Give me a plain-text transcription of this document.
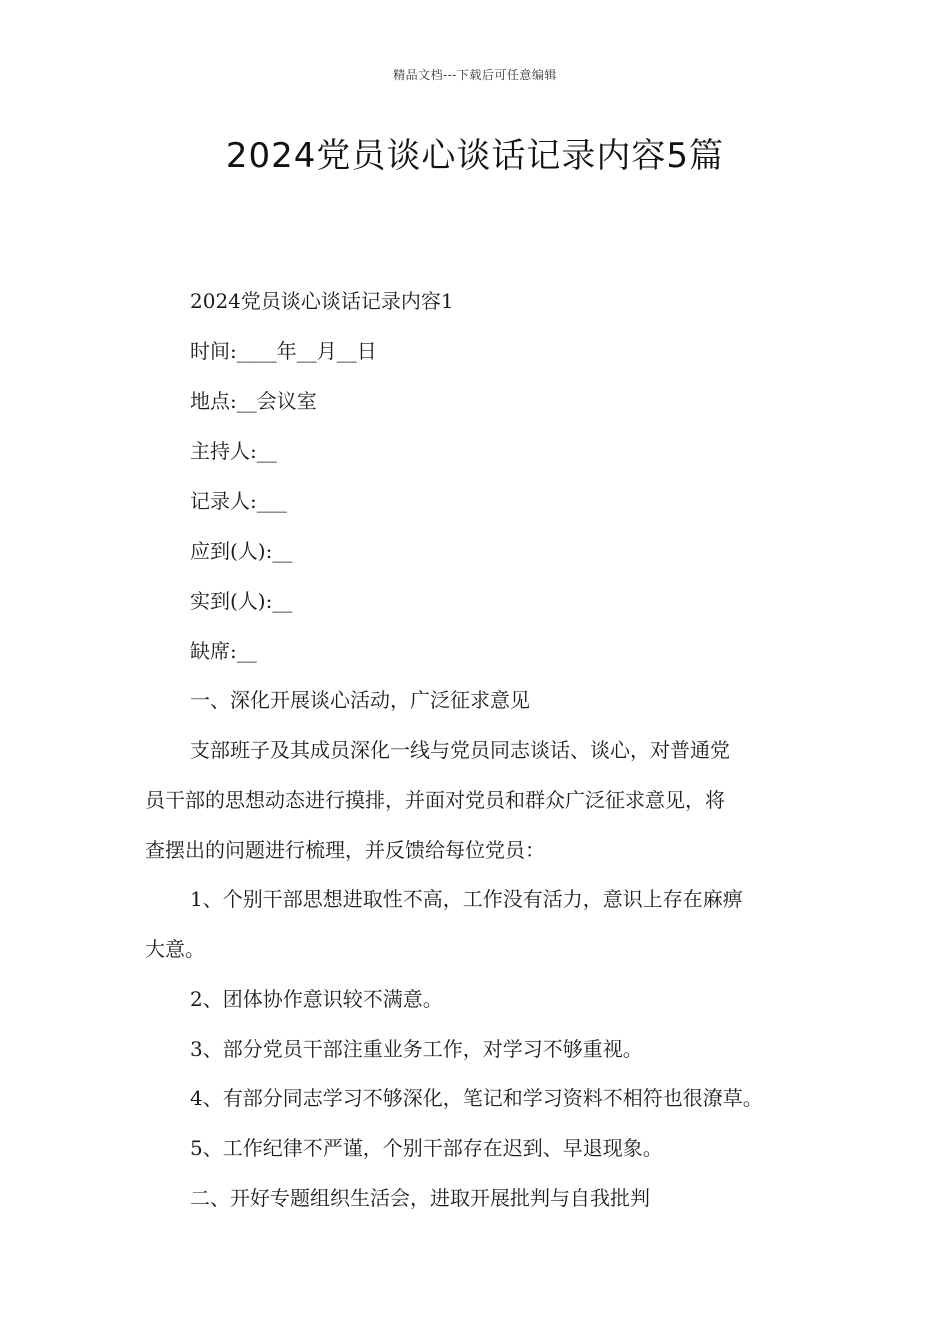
精品文档---下载后可任意编辑
2024党员谈心谈话记录内容5篇
2024党员谈心谈话记录内容1
时间:____年__月__日
地点:__会议室
主持人:__
记录人:___
应到(人):__
实到(人):__
缺席:__
一、深化开展谈心活动，广泛征求意见
支部班子及其成员深化一线与党员同志谈话、谈心，对普通党
员干部的思想动态进行摸排，并面对党员和群众广泛征求意见，将
查摆出的问题进行梳理，并反馈给每位党员：
1、个别干部思想进取性不高，工作没有活力，意识上存在麻痹
大意。
2、团体协作意识较不满意。
3、部分党员干部注重业务工作，对学习不够重视。
4、有部分同志学习不够深化，笔记和学习资料不相符也很潦草。
5、工作纪律不严谨，个别干部存在迟到、早退现象。
二、开好专题组织生活会，进取开展批判与自我批判
